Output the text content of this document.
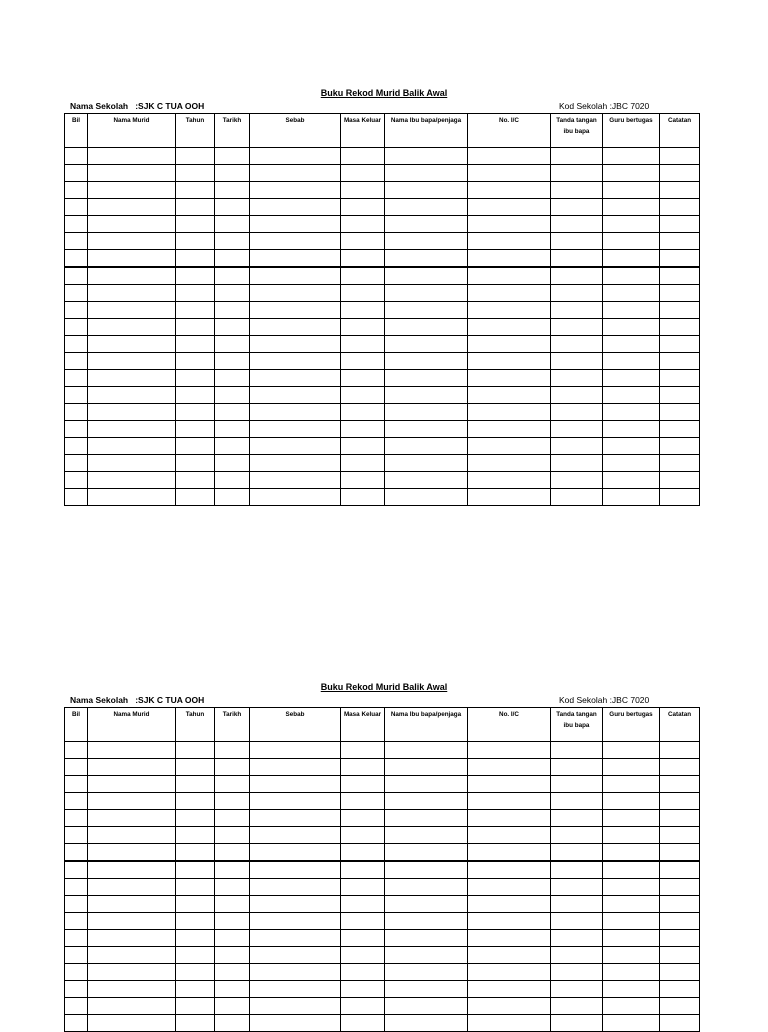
Buku Rekod Murid Balik Awal
Nama Sekolah   :SJK C TUA OOH	Kod Sekolah :JBC 7020
Bil	Nama Murid	Tahun	Tarikh	Sebab	Masa Keluar	Nama Ibu bapa/penjaga	No. I/C	Tanda tangan ibu bapa	Guru bertugas	Catatan

Buku Rekod Murid Balik Awal
Nama Sekolah   :SJK C TUA OOH	Kod Sekolah :JBC 7020
Bil	Nama Murid	Tahun	Tarikh	Sebab	Masa Keluar	Nama Ibu bapa/penjaga	No. I/C	Tanda tangan ibu bapa	Guru bertugas	Catatan
